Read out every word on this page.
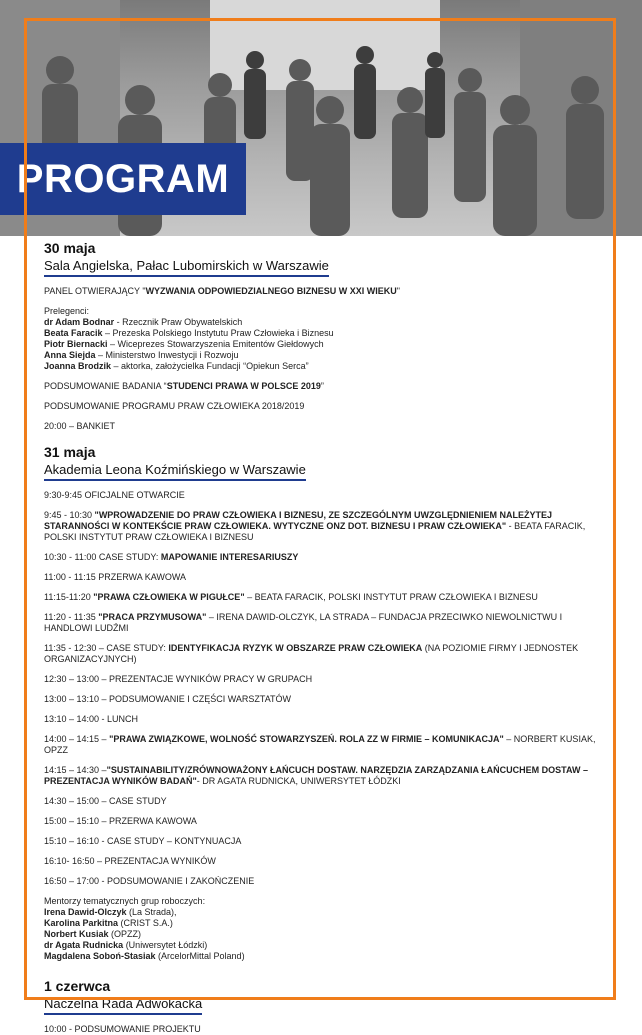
PROGRAM
30 maja
Sala Angielska, Pałac Lubomirskich w Warszawie

PANEL OTWIERAJĄCY "WYZWANIA ODPOWIEDZIALNEGO BIZNESU W XXI WIEKU"

Prelegenci:

dr Adam Bodnar - Rzecznik Praw Obywatelskich

Beata Faracik – Prezeska Polskiego Instytutu Praw Człowieka i Biznesu

Piotr Biernacki – Wiceprezes Stowarzyszenia Emitentów Giełdowych

Anna Siejda – Ministerstwo Inwestycji i Rozwoju

Joanna Brodzik – aktorka, założycielka Fundacji “Opiekun Serca”

PODSUMOWANIE BADANIA “STUDENCI PRAWA W POLSCE 2019”

PODSUMOWANIE PROGRAMU PRAW CZŁOWIEKA 2018/2019

20:00 – BANKIET

31 maja
Akademia Leona Koźmińskiego w Warszawie

9:30-9:45 OFICJALNE OTWARCIE

9:45 - 10:30 "WPROWADZENIE DO PRAW CZŁOWIEKA I BIZNESU, ZE SZCZEGÓLNYM UWZGLĘDNIENIEM NALEŻYTEJ STARANNOŚCI W KONTEKŚCIE PRAW CZŁOWIEKA. WYTYCZNE ONZ DOT. BIZNESU I PRAW CZŁOWIEKA" - BEATA FARACIK, POLSKI INSTYTUT PRAW CZŁOWIEKA I BIZNESU

10:30 - 11:00 CASE STUDY: MAPOWANIE INTERESARIUSZY

11:00 - 11:15 PRZERWA KAWOWA

11:15-11:20 "PRAWA CZŁOWIEKA W PIGUŁCE" – BEATA FARACIK, POLSKI INSTYTUT PRAW CZŁOWIEKA I BIZNESU

11:20 - 11:35 "PRACA PRZYMUSOWA" – IRENA DAWID-OLCZYK, LA STRADA – FUNDACJA PRZECIWKO NIEWOLNICTWU I HANDLOWI LUDŹMI

11:35 - 12:30 – CASE STUDY: IDENTYFIKACJA RYZYK W OBSZARZE PRAW CZŁOWIEKA (NA POZIOMIE FIRMY I JEDNOSTEK ORGANIZACYJNYCH)

12:30 – 13:00 – PREZENTACJE WYNIKÓW PRACY W GRUPACH

13:00 – 13:10 – PODSUMOWANIE I CZĘŚCI WARSZTATÓW

13:10 – 14:00 - LUNCH

14:00 – 14:15 – "PRAWA ZWIĄZKOWE, WOLNOŚĆ STOWARZYSZEŃ. ROLA ZZ W FIRMIE – KOMUNIKACJA" – NORBERT KUSIAK, OPZZ

14:15 – 14:30 –"SUSTAINABILITY/ZRÓWNOWAŻONY ŁAŃCUCH DOSTAW. NARZĘDZIA ZARZĄDZANIA ŁAŃCUCHEM DOSTAW – PREZENTACJA WYNIKÓW BADAŃ"- DR AGATA RUDNICKA, UNIWERSYTET ŁÓDZKI

14:30 – 15:00 – CASE STUDY

15:00 – 15:10 – PRZERWA KAWOWA

15:10 – 16:10 - CASE STUDY – KONTYNUACJA

16:10- 16:50 – PREZENTACJA WYNIKÓW

16:50 – 17:00 - PODSUMOWANIE I ZAKOŃCZENIE

Mentorzy tematycznych grup roboczych:

Irena Dawid-Olczyk (La Strada),

Karolina Parkitna (CRIST S.A.)

Norbert Kusiak (OPZZ)

dr Agata Rudnicka (Uniwersytet Łódzki)

Magdalena Soboń-Stasiak (ArcelorMittal Poland)

1 czerwca
Naczelna Rada Adwokacka

10:00 - PODSUMOWANIE PROJEKTU
